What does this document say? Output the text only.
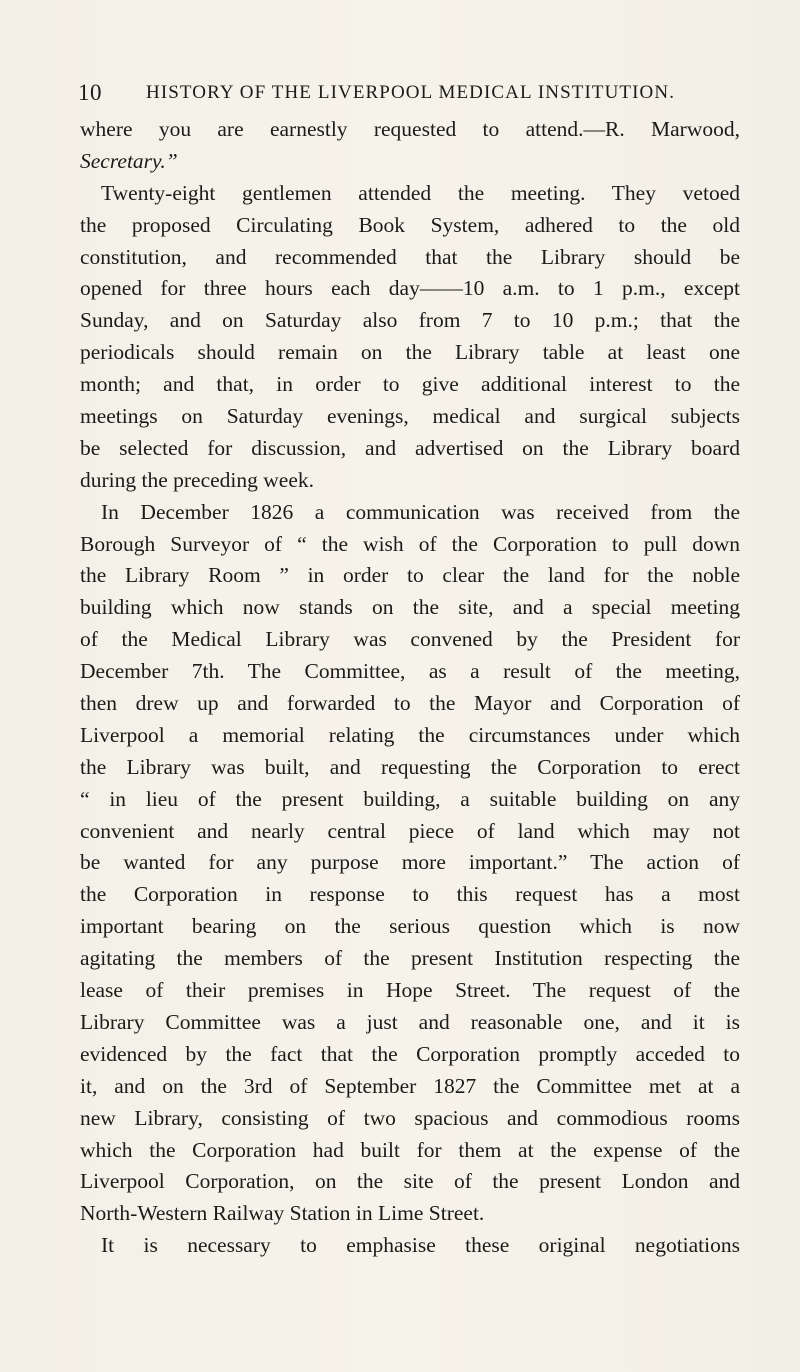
10 HISTORY OF THE LIVERPOOL MEDICAL INSTITUTION.
where you are earnestly requested to attend.—R. Marwood,
Secretary.”
Twenty-eight gentlemen attended the meeting. They vetoed
the proposed Circulating Book System, adhered to the old
constitution, and recommended that the Library should be
opened for three hours each day——10 a.m. to 1 p.m., except
Sunday, and on Saturday also from 7 to 10 p.m.; that the
periodicals should remain on the Library table at least one
month; and that, in order to give additional interest to the
meetings on Saturday evenings, medical and surgical subjects
be selected for discussion, and advertised on the Library board
during the preceding week.
In December 1826 a communication was received from the
Borough Surveyor of “ the wish of the Corporation to pull down
the Library Room ” in order to clear the land for the noble
building which now stands on the site, and a special meeting
of the Medical Library was convened by the President for
December 7th. The Committee, as a result of the meeting,
then drew up and forwarded to the Mayor and Corporation of
Liverpool a memorial relating the circumstances under which
the Library was built, and requesting the Corporation to erect
“ in lieu of the present building, a suitable building on any
convenient and nearly central piece of land which may not
be wanted for any purpose more important.” The action of
the Corporation in response to this request has a most
important bearing on the serious question which is now
agitating the members of the present Institution respecting the
lease of their premises in Hope Street. The request of the
Library Committee was a just and reasonable one, and it is
evidenced by the fact that the Corporation promptly acceded to
it, and on the 3rd of September 1827 the Committee met at a
new Library, consisting of two spacious and commodious rooms
which the Corporation had built for them at the expense of the
Liverpool Corporation, on the site of the present London and
North-Western Railway Station in Lime Street.
It is necessary to emphasise these original negotiations
